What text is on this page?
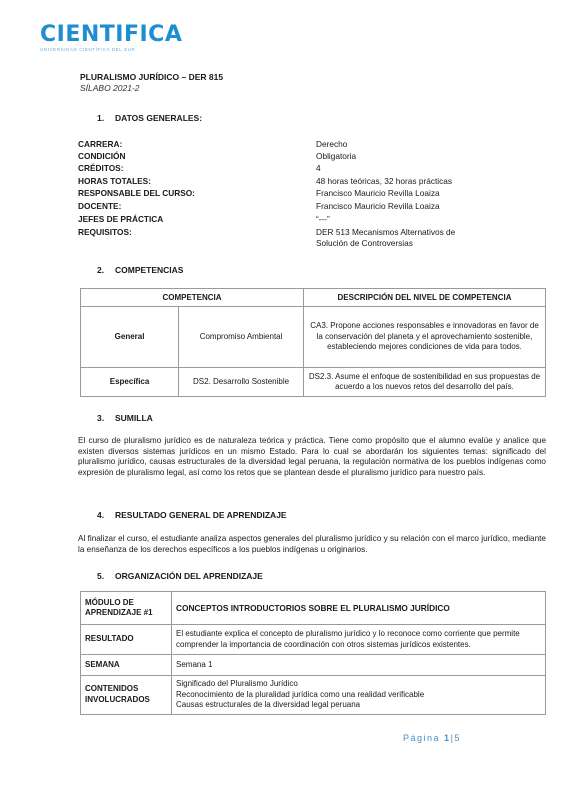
CIENTIFICA
UNIVERSIDAD CIENTÍFICA DEL SUR
PLURALISMO JURÍDICO – DER 815
SÍLABO 2021-2
1. DATOS GENERALES:
CARRERA:	Derecho
CONDICIÓN	Obligatoria
CRÉDITOS:	4
HORAS TOTALES:	48 horas teóricas, 32 horas prácticas
RESPONSABLE DEL CURSO:	Francisco Mauricio Revilla Loaiza
DOCENTE:	Francisco Mauricio Revilla Loaiza
JEFES DE PRÁCTICA	“---”
REQUISITOS:	DER 513 Mecanismos Alternativos de Solución de Controversias
2. COMPETENCIAS
COMPETENCIA		DESCRIPCIÓN DEL NIVEL DE COMPETENCIA
General	Compromiso Ambiental	CA3. Propone acciones responsables e innovadoras en favor de la conservación del planeta y el aprovechamiento sostenible, estableciendo mejores condiciones de vida para todos.
Específica	DS2. Desarrollo Sostenible	DS2.3. Asume el enfoque de sostenibilidad en sus propuestas de acuerdo a los nuevos retos del desarrollo del país.
3. SUMILLA
El curso de pluralismo jurídico es de naturaleza teórica y práctica. Tiene como propósito que el alumno evalúe y analice que existen diversos sistemas jurídicos en un mismo Estado. Para lo cual se abordarán los siguientes temas: significado del pluralismo jurídico, causas estructurales de la diversidad legal peruana, la regulación normativa de los pueblos indígenas como expresión de pluralismo legal, así como los retos que se plantean desde el pluralismo jurídico para nuestro país.
4. RESULTADO GENERAL DE APRENDIZAJE
Al finalizar el curso, el estudiante analiza aspectos generales del pluralismo jurídico y su relación con el marco jurídico, mediante la enseñanza de los derechos específicos a los pueblos indígenas u originarios.
5. ORGANIZACIÓN DEL APRENDIZAJE
MÓDULO DE APRENDIZAJE #1	CONCEPTOS INTRODUCTORIOS SOBRE EL PLURALISMO JURÍDICO
RESULTADO	El estudiante explica el concepto de pluralismo jurídico y lo reconoce como corriente que permite comprender la importancia de coordinación con otros sistemas jurídicos existentes.
SEMANA	Semana 1
CONTENIDOS INVOLUCRADOS	Significado del Pluralismo Jurídico
Reconocimiento de la pluralidad jurídica como una realidad verificable
Causas estructurales de la diversidad legal peruana
Página 1|5
